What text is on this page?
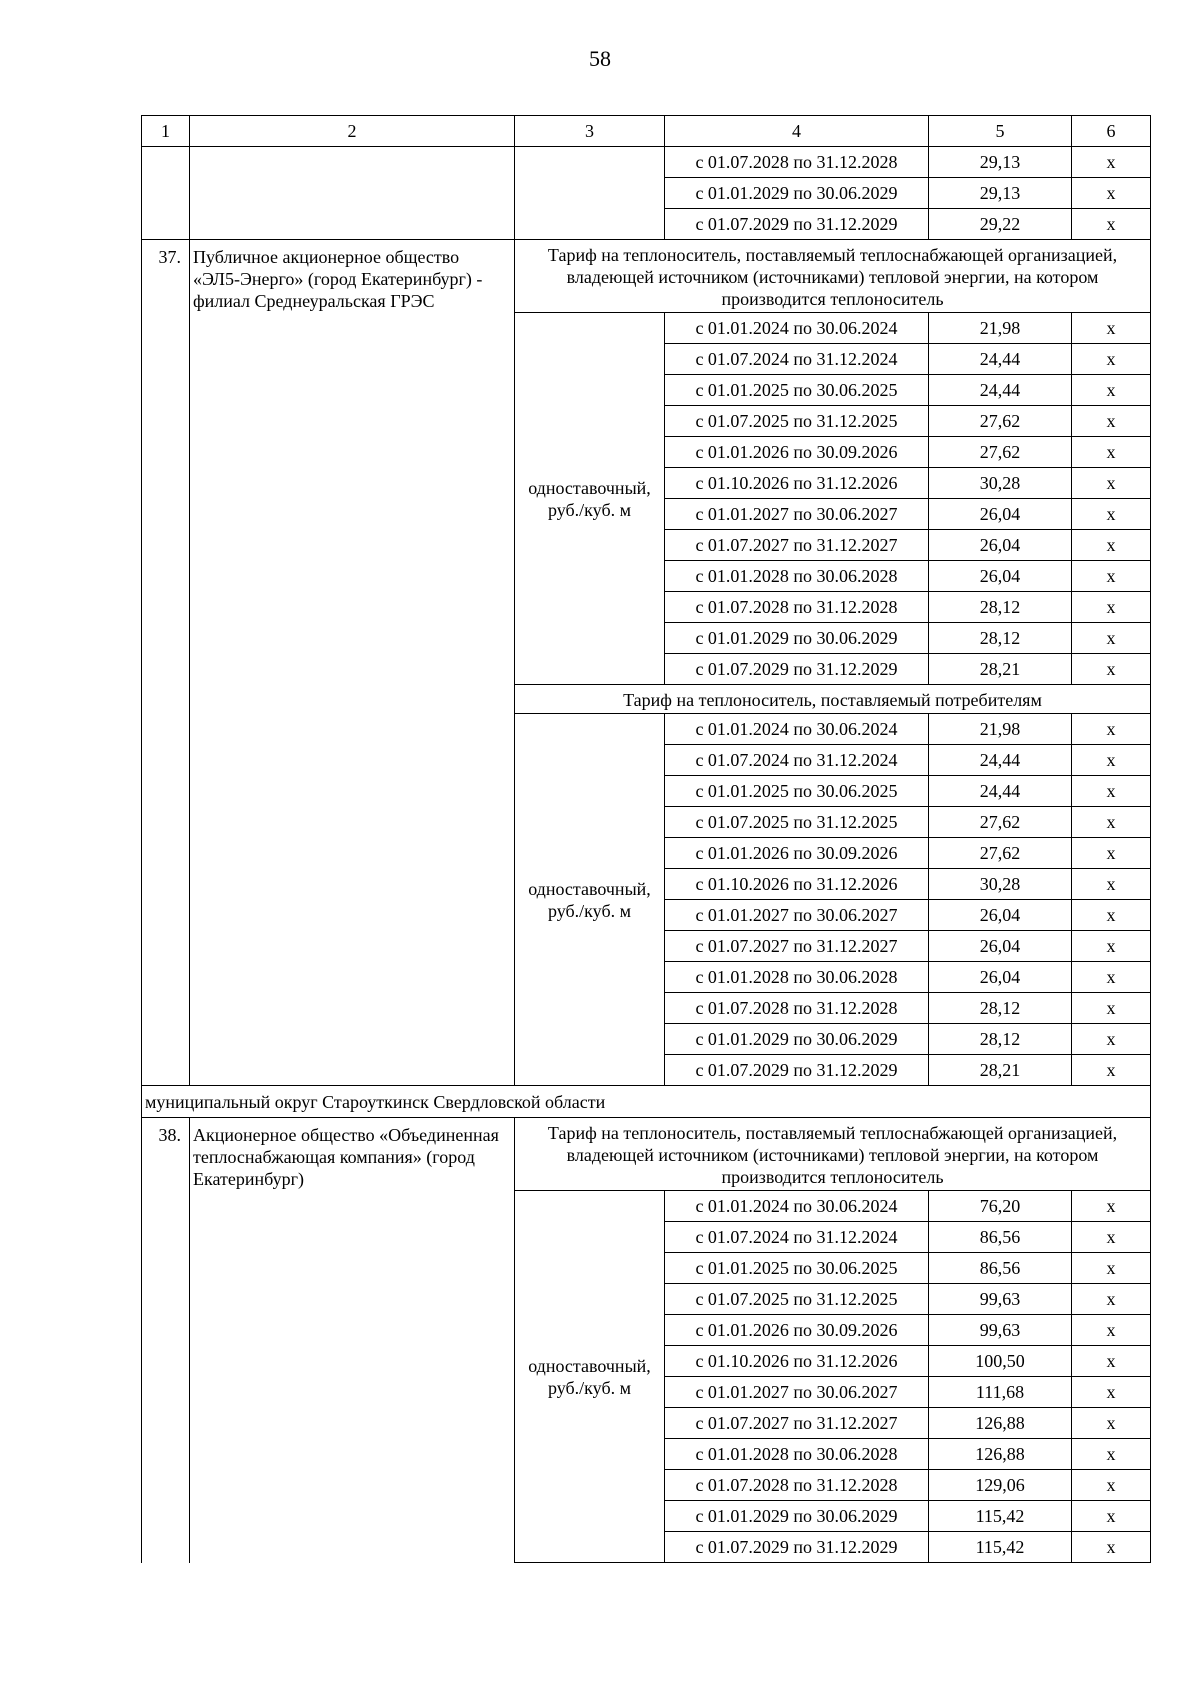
58
1	2	3	4	5	6
			с 01.07.2028 по 31.12.2028	29,13	х
			с 01.01.2029 по 30.06.2029	29,13	х
			с 01.07.2029 по 31.12.2029	29,22	х
37.	Публичное акционерное общество «ЭЛ5-Энерго» (город Екатеринбург) - филиал Среднеуральская ГРЭС	Тариф на теплоноситель, поставляемый теплоснабжающей организацией, владеющей источником (источниками) тепловой энергии, на котором производится теплоноситель			
		одноставочный, руб./куб. м	с 01.01.2024 по 30.06.2024	21,98	х
			с 01.07.2024 по 31.12.2024	24,44	х
			с 01.01.2025 по 30.06.2025	24,44	х
			с 01.07.2025 по 31.12.2025	27,62	х
			с 01.01.2026 по 30.09.2026	27,62	х
			с 01.10.2026 по 31.12.2026	30,28	х
			с 01.01.2027 по 30.06.2027	26,04	х
			с 01.07.2027 по 31.12.2027	26,04	х
			с 01.01.2028 по 30.06.2028	26,04	х
			с 01.07.2028 по 31.12.2028	28,12	х
			с 01.01.2029 по 30.06.2029	28,12	х
			с 01.07.2029 по 31.12.2029	28,21	х
		Тариф на теплоноситель, поставляемый потребителям			
		одноставочный, руб./куб. м	с 01.01.2024 по 30.06.2024	21,98	х
			с 01.07.2024 по 31.12.2024	24,44	х
			с 01.01.2025 по 30.06.2025	24,44	х
			с 01.07.2025 по 31.12.2025	27,62	х
			с 01.01.2026 по 30.09.2026	27,62	х
			с 01.10.2026 по 31.12.2026	30,28	х
			с 01.01.2027 по 30.06.2027	26,04	х
			с 01.07.2027 по 31.12.2027	26,04	х
			с 01.01.2028 по 30.06.2028	26,04	х
			с 01.07.2028 по 31.12.2028	28,12	х
			с 01.01.2029 по 30.06.2029	28,12	х
			с 01.07.2029 по 31.12.2029	28,21	х
муниципальный округ Староуткинск Свердловской области					
38.	Акционерное общество «Объединенная теплоснабжающая компания» (город Екатеринбург)	Тариф на теплоноситель, поставляемый теплоснабжающей организацией, владеющей источником (источниками) тепловой энергии, на котором производится теплоноситель			
		одноставочный, руб./куб. м	с 01.01.2024 по 30.06.2024	76,20	х
			с 01.07.2024 по 31.12.2024	86,56	х
			с 01.01.2025 по 30.06.2025	86,56	х
			с 01.07.2025 по 31.12.2025	99,63	х
			с 01.01.2026 по 30.09.2026	99,63	х
			с 01.10.2026 по 31.12.2026	100,50	х
			с 01.01.2027 по 30.06.2027	111,68	х
			с 01.07.2027 по 31.12.2027	126,88	х
			с 01.01.2028 по 30.06.2028	126,88	х
			с 01.07.2028 по 31.12.2028	129,06	х
			с 01.01.2029 по 30.06.2029	115,42	х
			с 01.07.2029 по 31.12.2029	115,42	х
